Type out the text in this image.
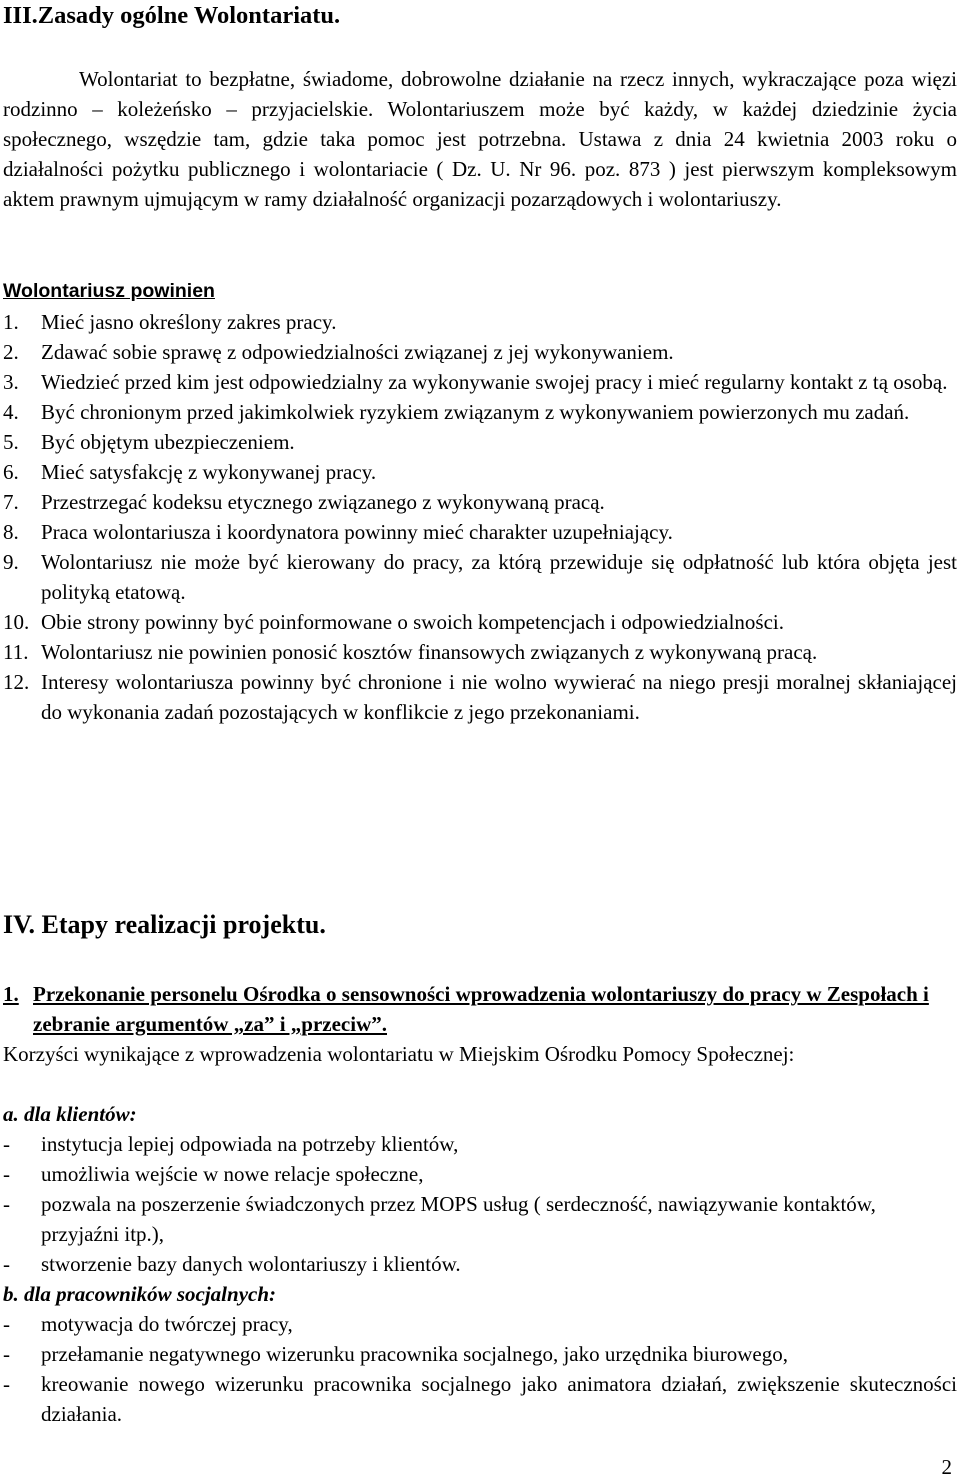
III.Zasady ogólne Wolontariatu.

Wolontariat to bezpłatne, świadome, dobrowolne działanie na rzecz innych, wykraczające poza więzi rodzinno – koleżeńsko – przyjacielskie. Wolontariuszem może być każdy, w każdej dziedzinie życia społecznego, wszędzie tam, gdzie taka pomoc jest potrzebna. Ustawa z dnia 24 kwietnia 2003 roku o działalności pożytku publicznego i wolontariacie ( Dz. U. Nr 96. poz. 873 ) jest pierwszym kompleksowym aktem prawnym ujmującym w ramy działalność organizacji pozarządowych i wolontariuszy.

Wolontariusz powinien
1. Mieć jasno określony zakres pracy.
2. Zdawać sobie sprawę z odpowiedzialności związanej z jej wykonywaniem.
3. Wiedzieć przed kim jest odpowiedzialny za wykonywanie swojej pracy i mieć regularny kontakt z tą osobą.
4. Być chronionym przed jakimkolwiek ryzykiem związanym z wykonywaniem powierzonych mu zadań.
5. Być objętym ubezpieczeniem.
6. Mieć satysfakcję z wykonywanej pracy.
7. Przestrzegać kodeksu etycznego związanego z wykonywaną pracą.
8. Praca wolontariusza i koordynatora powinny mieć charakter uzupełniający.
9. Wolontariusz nie może być kierowany do pracy, za którą przewiduje się odpłatność lub która objęta jest polityką etatową.
10. Obie strony powinny być poinformowane o swoich kompetencjach i odpowiedzialności.
11. Wolontariusz nie powinien ponosić kosztów finansowych związanych z wykonywaną pracą.
12. Interesy wolontariusza powinny być chronione i nie wolno wywierać na niego presji moralnej skłaniającej do wykonania zadań pozostających w konflikcie z jego przekonaniami.
IV. Etapy realizacji projektu.
1. Przekonanie personelu Ośrodka o sensowności wprowadzenia wolontariuszy do pracy w Zespołach i zebranie argumentów „za” i „przeciw”.

Korzyści wynikające z wprowadzenia wolontariatu w Miejskim Ośrodku Pomocy Społecznej:

a. dla klientów:
- instytucja lepiej odpowiada na potrzeby klientów,
- umożliwia wejście w nowe relacje społeczne,
- pozwala na poszerzenie świadczonych przez MOPS usług ( serdeczność, nawiązywanie kontaktów, przyjaźni itp.),
- stworzenie bazy danych wolontariuszy i klientów.
b. dla pracowników socjalnych:
- motywacja do twórczej pracy,
- przełamanie negatywnego wizerunku pracownika socjalnego, jako urzędnika biurowego,
- kreowanie nowego wizerunku pracownika socjalnego jako animatora działań, zwiększenie skuteczności działania.
2
